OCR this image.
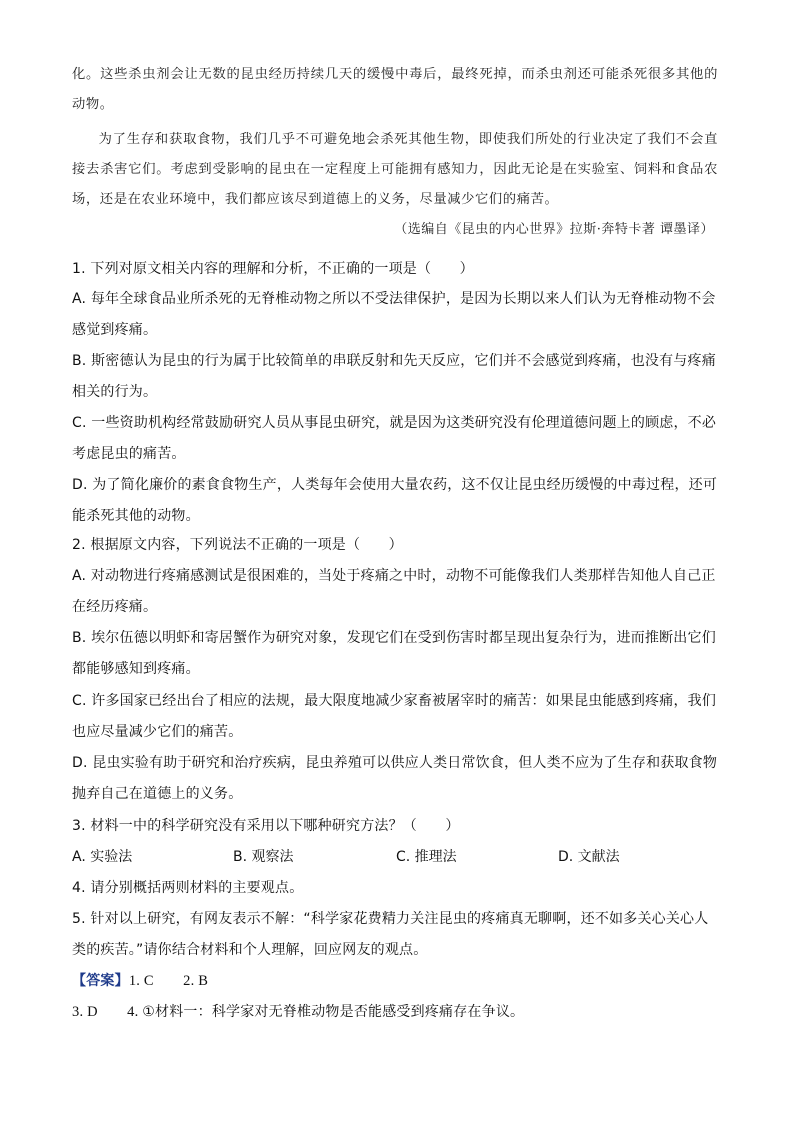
化。这些杀虫剂会让无数的昆虫经历持续几天的缓慢中毒后，最终死掉，而杀虫剂还可能杀死很多其他的动物。
为了生存和获取食物，我们几乎不可避免地会杀死其他生物，即使我们所处的行业决定了我们不会直接去杀害它们。考虑到受影响的昆虫在一定程度上可能拥有感知力，因此无论是在实验室、饲料和食品农场，还是在农业环境中，我们都应该尽到道德上的义务，尽量减少它们的痛苦。
（选编自《昆虫的内心世界》拉斯·奔特卡著 谭墨译）
1. 下列对原文相关内容的理解和分析，不正确的一项是（　　）
A. 每年全球食品业所杀死的无脊椎动物之所以不受法律保护，是因为长期以来人们认为无脊椎动物不会感觉到疼痛。
B. 斯密德认为昆虫的行为属于比较简单的串联反射和先天反应，它们并不会感觉到疼痛，也没有与疼痛相关的行为。
C. 一些资助机构经常鼓励研究人员从事昆虫研究，就是因为这类研究没有伦理道德问题上的顾虑，不必考虑昆虫的痛苦。
D. 为了简化廉价的素食食物生产，人类每年会使用大量农药，这不仅让昆虫经历缓慢的中毒过程，还可能杀死其他的动物。
2. 根据原文内容，下列说法不正确的一项是（　　）
A. 对动物进行疼痛感测试是很困难的，当处于疼痛之中时，动物不可能像我们人类那样告知他人自己正在经历疼痛。
B. 埃尔伍德以明虾和寄居蟹作为研究对象，发现它们在受到伤害时都呈现出复杂行为，进而推断出它们都能够感知到疼痛。
C. 许多国家已经出台了相应的法规，最大限度地减少家畜被屠宰时的痛苦：如果昆虫能感到疼痛，我们也应尽量减少它们的痛苦。
D. 昆虫实验有助于研究和治疗疾病，昆虫养殖可以供应人类日常饮食，但人类不应为了生存和获取食物抛弃自己在道德上的义务。
3. 材料一中的科学研究没有采用以下哪种研究方法？（　　）
A. 实验法	B. 观察法	C. 推理法	D. 文献法
4. 请分别概括两则材料的主要观点。
5. 针对以上研究，有网友表示不解：“科学家花费精力关注昆虫的疼痛真无聊啊，还不如多关心关心人类的疾苦。”请你结合材料和个人理解，回应网友的观点。
【答案】1. C　　2. B
3. D　　4. ①材料一：科学家对无脊椎动物是否能感受到疼痛存在争议。
